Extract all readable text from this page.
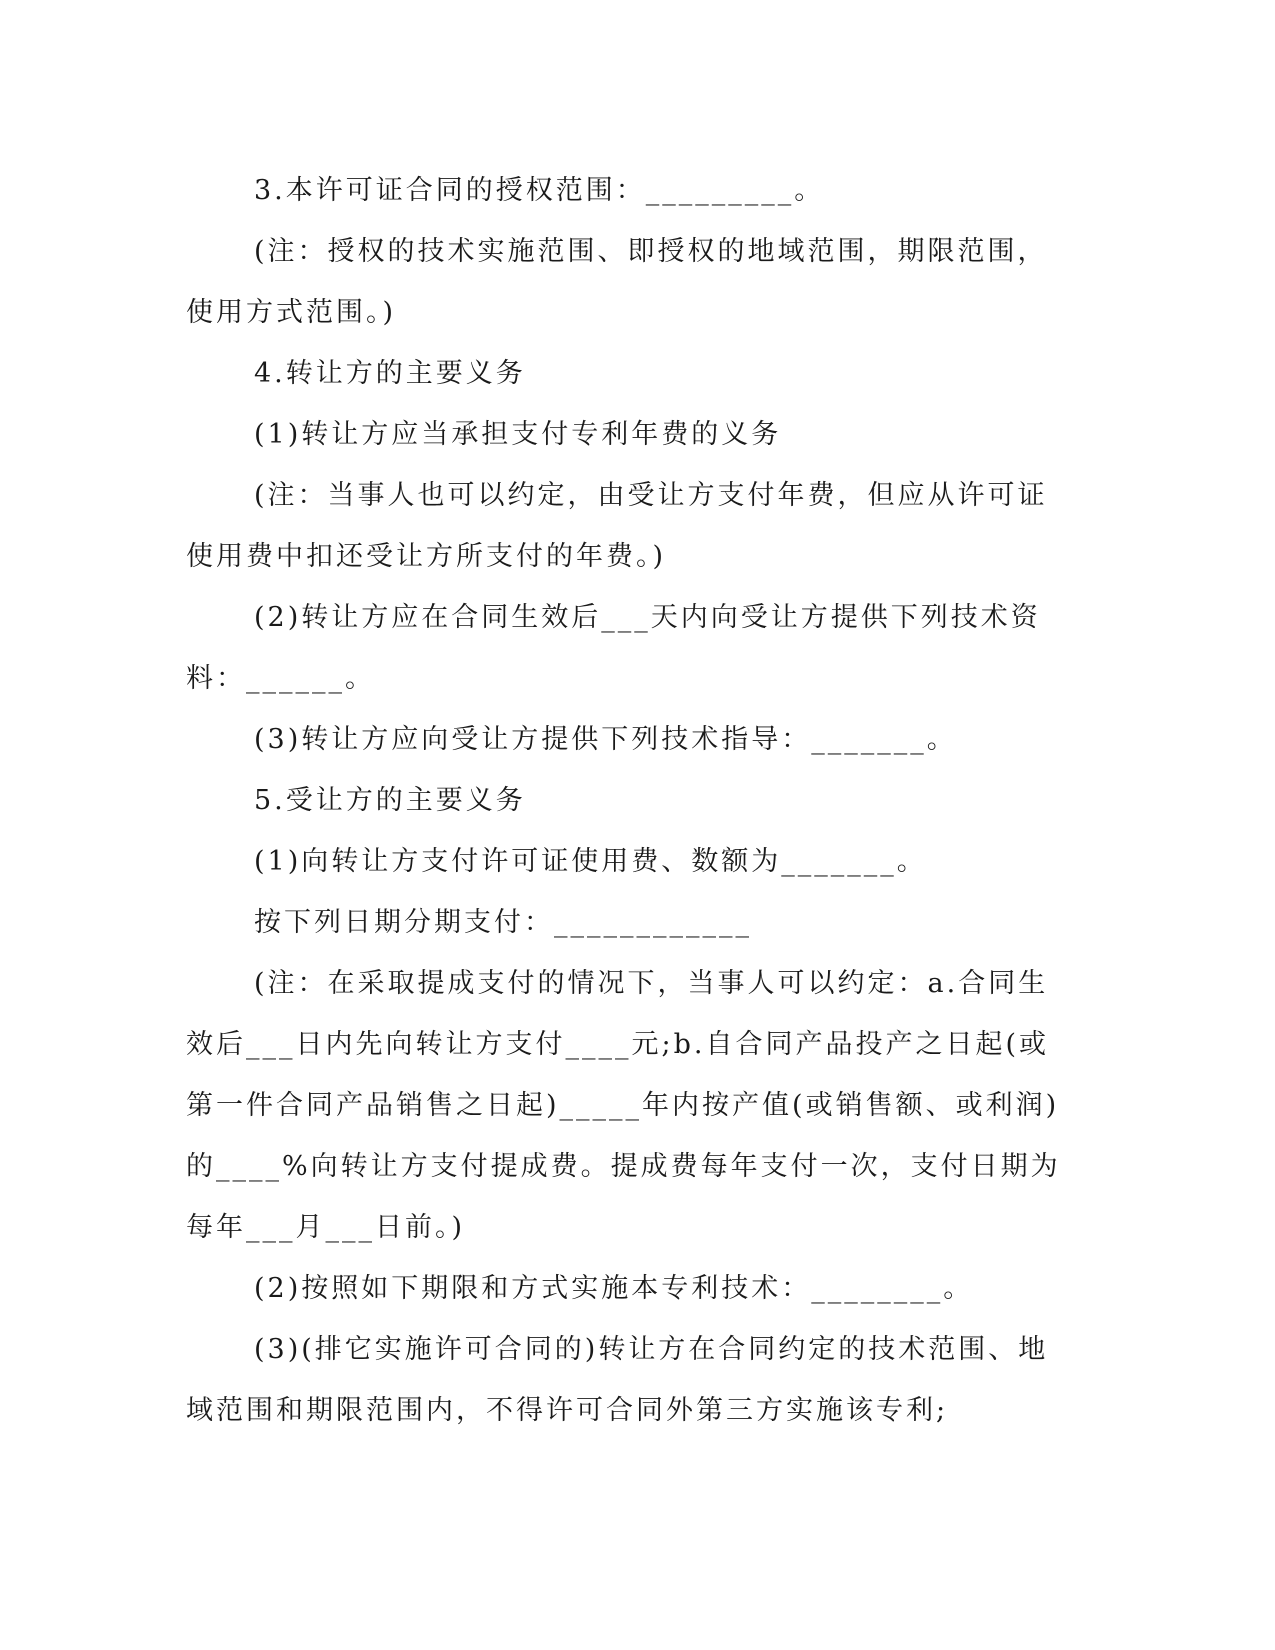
3.本许可证合同的授权范围：_________。

(注：授权的技术实施范围、即授权的地域范围，期限范围，使用方式范围。)

4.转让方的主要义务

(1)转让方应当承担支付专利年费的义务

(注：当事人也可以约定，由受让方支付年费，但应从许可证使用费中扣还受让方所支付的年费。)

(2)转让方应在合同生效后___天内向受让方提供下列技术资料：______。

(3)转让方应向受让方提供下列技术指导：_______。

5.受让方的主要义务

(1)向转让方支付许可证使用费、数额为_______。

按下列日期分期支付：____________

(注：在采取提成支付的情况下，当事人可以约定：a.合同生效后___日内先向转让方支付____元;b.自合同产品投产之日起(或第一件合同产品销售之日起)_____年内按产值(或销售额、或利润)的____%向转让方支付提成费。提成费每年支付一次，支付日期为每年___月___日前。)

(2)按照如下期限和方式实施本专利技术：________。

(3)(排它实施许可合同的)转让方在合同约定的技术范围、地域范围和期限范围内，不得许可合同外第三方实施该专利;
